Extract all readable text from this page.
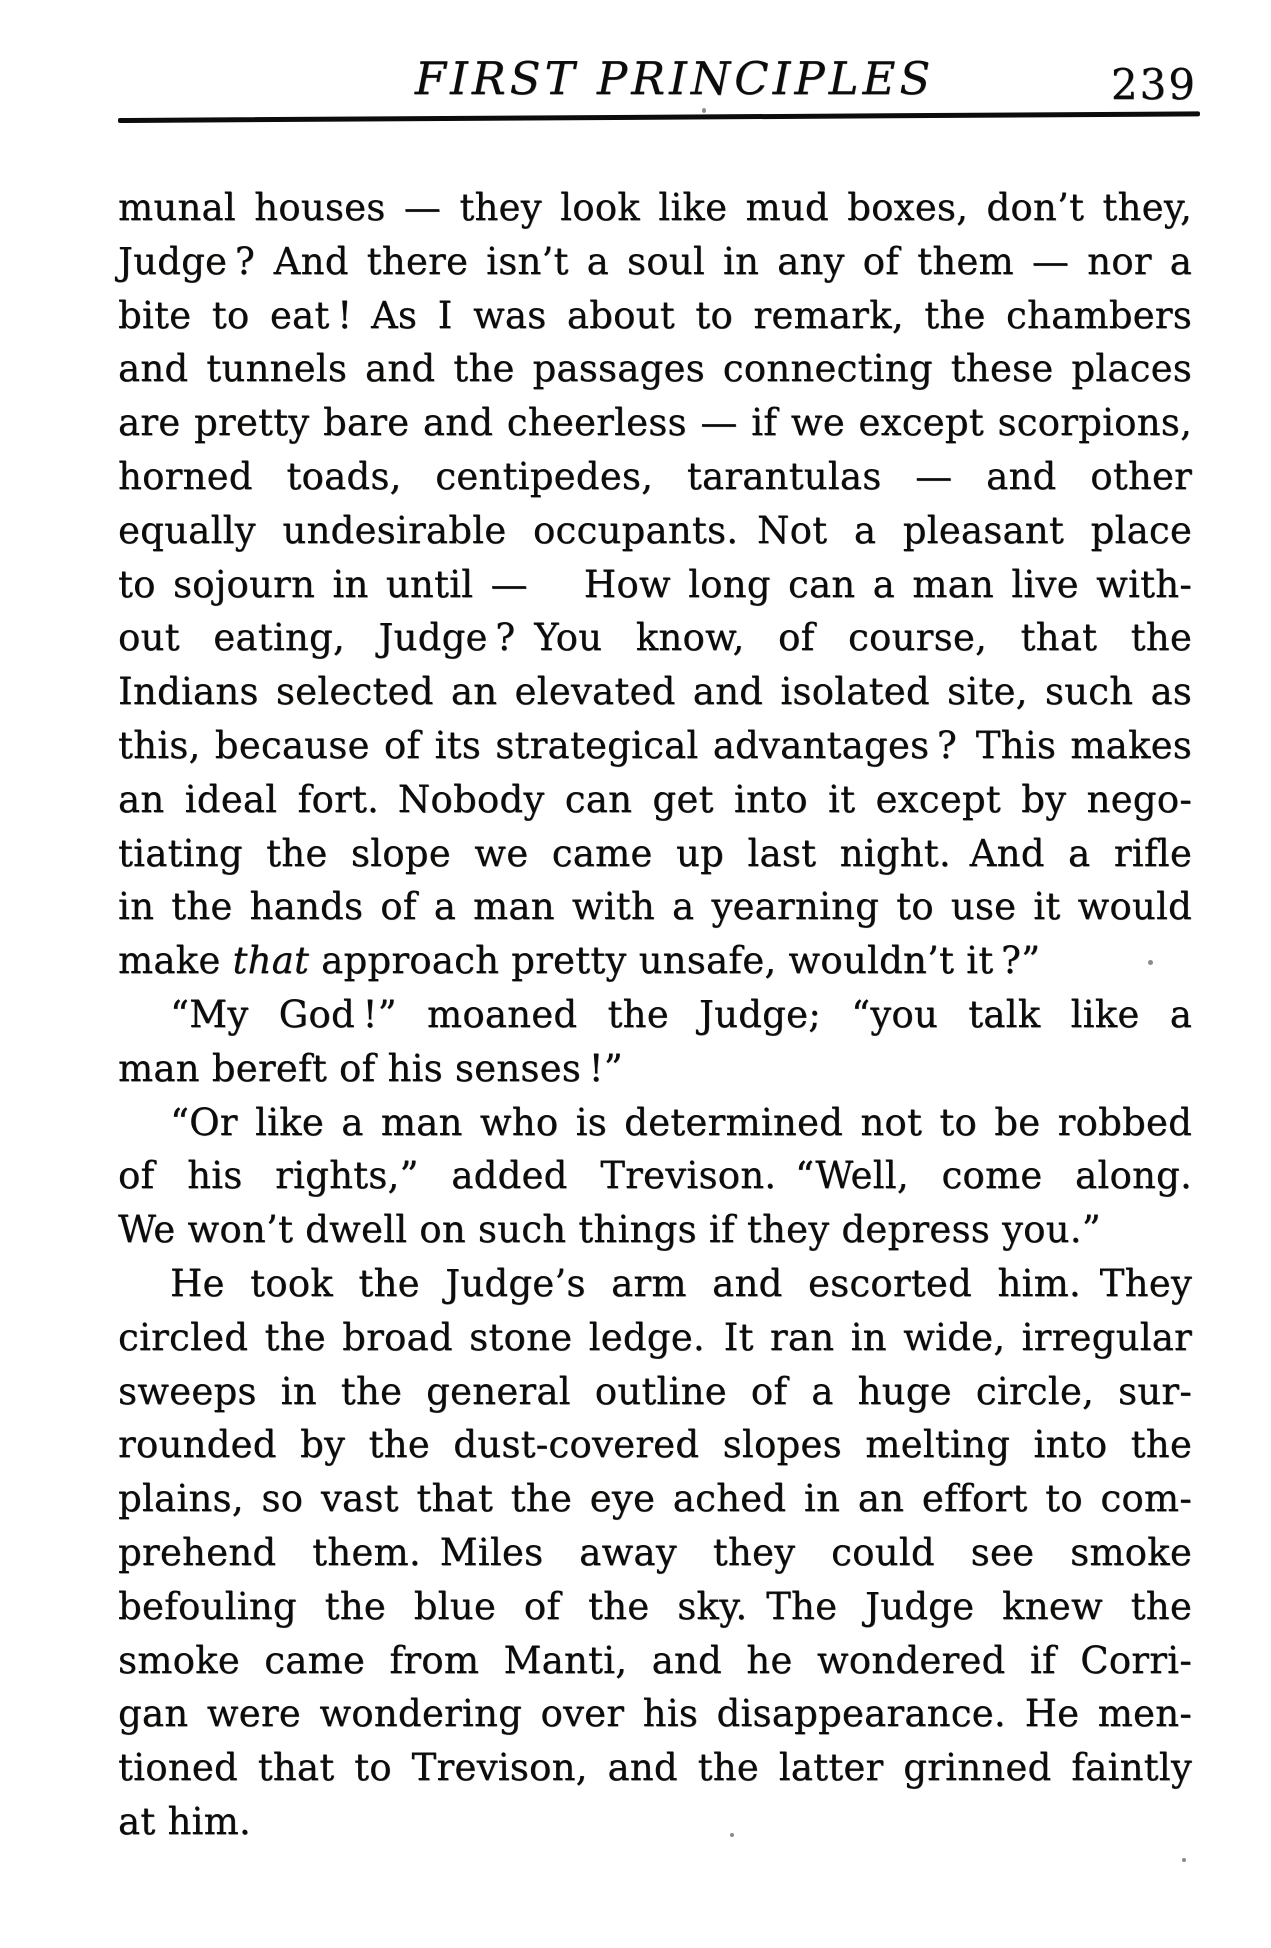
FIRST PRINCIPLES	239
munal houses — they look like mud boxes, don’t they,
Judge ? And there isn’t a soul in any of them — nor a
bite to eat ! As I was about to remark, the chambers
and tunnels and the passages connecting these places
are pretty bare and cheerless — if we except scorpions,
horned toads, centipedes, tarantulas — and other
equally undesirable occupants. Not a pleasant place
to sojourn in until —  How long can a man live with-
out eating, Judge ? You know, of course, that the
Indians selected an elevated and isolated site, such as
this, because of its strategical advantages ? This makes
an ideal fort. Nobody can get into it except by nego-
tiating the slope we came up last night. And a rifle
in the hands of a man with a yearning to use it would
make that approach pretty unsafe, wouldn’t it ?”
“My God !” moaned the Judge; “you talk like a
man bereft of his senses !”
“Or like a man who is determined not to be robbed
of his rights,” added Trevison. “Well, come along.
We won’t dwell on such things if they depress you.”
He took the Judge’s arm and escorted him. They
circled the broad stone ledge. It ran in wide, irregular
sweeps in the general outline of a huge circle, sur-
rounded by the dust-covered slopes melting into the
plains, so vast that the eye ached in an effort to com-
prehend them. Miles away they could see smoke
befouling the blue of the sky. The Judge knew the
smoke came from Manti, and he wondered if Corri-
gan were wondering over his disappearance. He men-
tioned that to Trevison, and the latter grinned faintly
at him.
